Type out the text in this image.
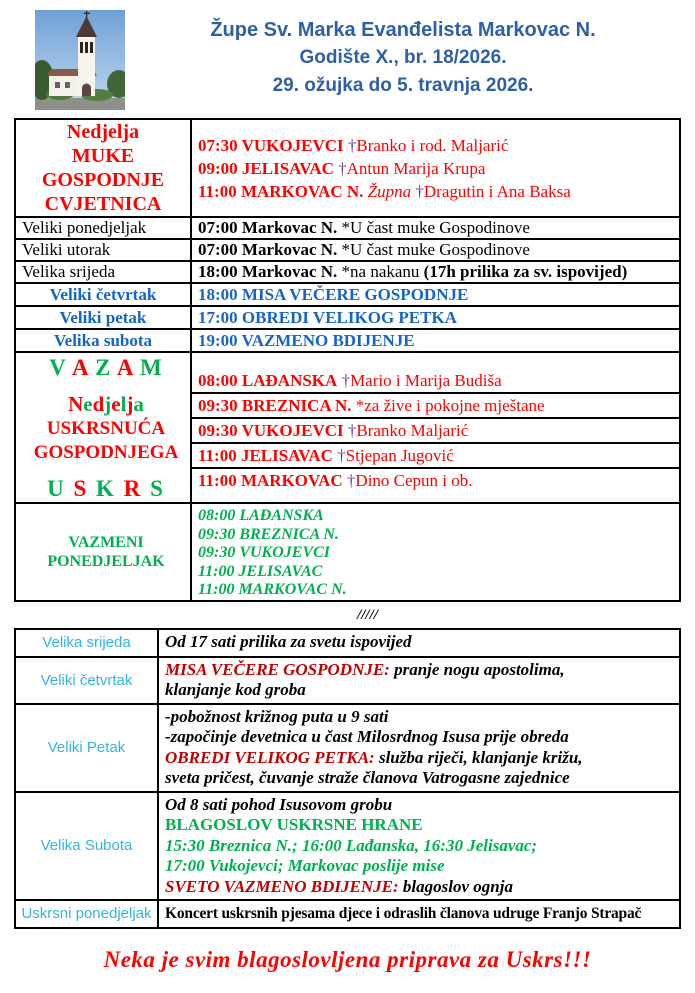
Župe Sv. Marka Evanđelista Markovac N.
Godište X., br. 18/2026.
29. ožujka do 5. travnja 2026.
Nedjelja
MUKE
GOSPODNJE
CVJETNICA

07:30 VUKOJEVCI †Branko i rod. Maljarić
09:00 JELISAVAC †Antun Marija Krupa
11:00 MARKOVAC N. Župna †Dragutin i Ana Baksa

Veliki ponedjeljak	07:00 Markovac N. *U čast muke Gospodinove
Veliki utorak	07:00 Markovac N. *U čast muke Gospodinove
Velika srijeda	18:00 Markovac N. *na nakanu (17h prilika za sv. ispovijed)
Veliki četvrtak	18:00 MISA VEČERE GOSPODNJE
Veliki petak	17:00 OBREDI VELIKOG PETKA
Velika subota	19:00 VAZMENO BDIJENJE

V A Z A M
Nedjelja
USKRSNUĆA
GOSPODNJEGA
U S K R S

08:00 LAĐANSKA †Mario i Marija Budiša
09:30 BREZNICA N. *za žive i pokojne mještane
09:30 VUKOJEVCI †Branko Maljarić
11:00 JELISAVAC †Stjepan Jugović
11:00 MARKOVAC †Dino Cepun i ob.

VAZMENI
PONEDJELJAK

08:00 LAĐANSKA
09:30 BREZNICA N.
09:30 VUKOJEVCI
11:00 JELISAVAC
11:00 MARKOVAC N.
/////
Velika srijeda	Od 17 sati prilika za svetu ispovijed

Veliki četvrtak	MISA VEČERE GOSPODNJE: pranje nogu apostolima,
klanjanje kod groba

Veliki Petak	-pobožnost križnog puta u 9 sati
-započinje devetnica u čast Milosrdnog Isusa prije obreda
OBREDI VELIKOG PETKA: služba riječi, klanjanje križu,
sveta pričest, čuvanje straže članova Vatrogasne zajednice

Velika Subota	Od 8 sati pohod Isusovom grobu
BLAGOSLOV USKRSNE HRANE
15:30 Breznica N.; 16:00 Lađanska, 16:30 Jelisavac;
17:00 Vukojevci; Markovac poslije mise
SVETO VAZMENO BDIJENJE: blagoslov ognja

Uskrsni ponedjeljak	Koncert uskrsnih pjesama djece i odraslih članova udruge Franjo Strapač
Neka je svim blagoslovljena priprava za Uskrs!!!
